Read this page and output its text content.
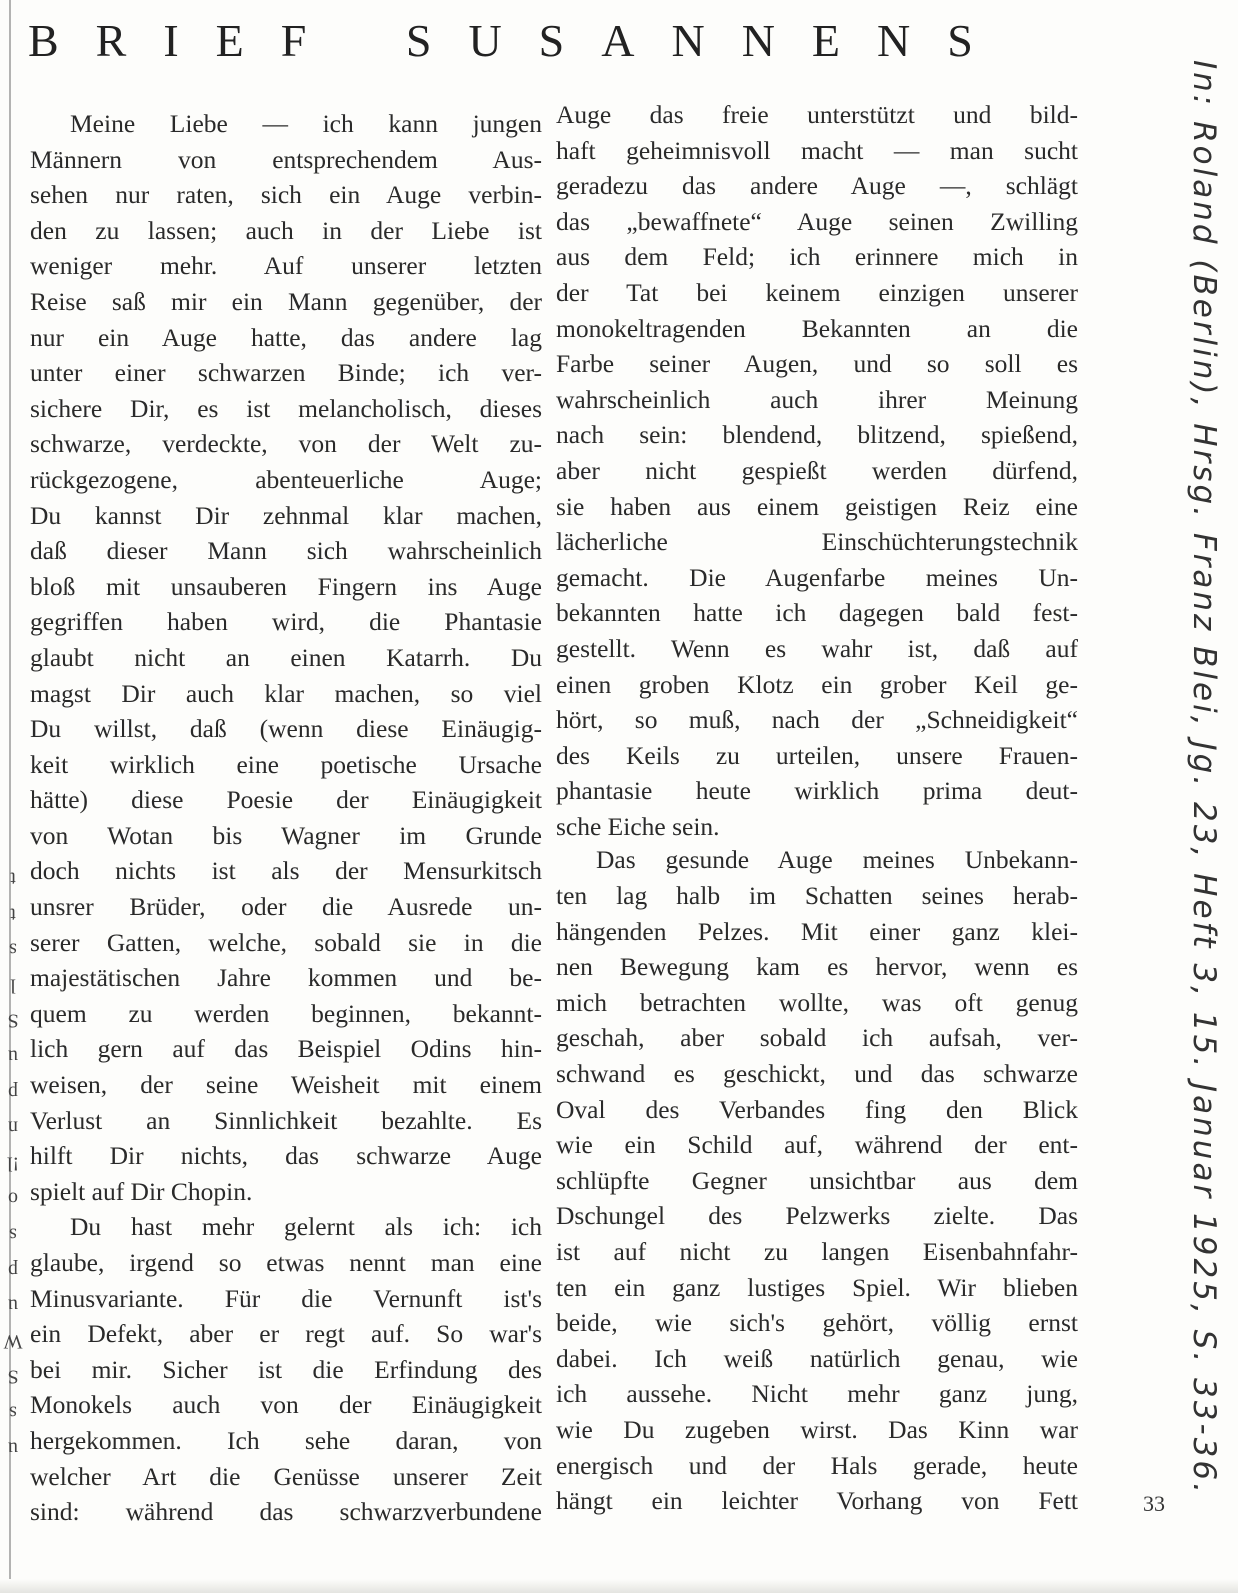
BRIEF SUSANNENS
Meine Liebe — ich kann jungen
Männern von entsprechendem Aus-
sehen nur raten, sich ein Auge verbin-
den zu lassen; auch in der Liebe ist
weniger mehr. Auf unserer letzten
Reise saß mir ein Mann gegenüber, der
nur ein Auge hatte, das andere lag
unter einer schwarzen Binde; ich ver-
sichere Dir, es ist melancholisch, dieses
schwarze, verdeckte, von der Welt zu-
rückgezogene, abenteuerliche Auge;
Du kannst Dir zehnmal klar machen,
daß dieser Mann sich wahrscheinlich
bloß mit unsauberen Fingern ins Auge
gegriffen haben wird, die Phantasie
glaubt nicht an einen Katarrh. Du
magst Dir auch klar machen, so viel
Du willst, daß (wenn diese Einäugig-
keit wirklich eine poetische Ursache
hätte) diese Poesie der Einäugigkeit
von Wotan bis Wagner im Grunde
doch nichts ist als der Mensurkitsch
unsrer Brüder, oder die Ausrede un-
serer Gatten, welche, sobald sie in die
majestätischen Jahre kommen und be-
quem zu werden beginnen, bekannt-
lich gern auf das Beispiel Odins hin-
weisen, der seine Weisheit mit einem
Verlust an Sinnlichkeit bezahlte. Es
hilft Dir nichts, das schwarze Auge
spielt auf Dir Chopin.
Du hast mehr gelernt als ich: ich
glaube, irgend so etwas nennt man eine
Minusvariante. Für die Vernunft ist's
ein Defekt, aber er regt auf. So war's
bei mir. Sicher ist die Erfindung des
Monokels auch von der Einäugigkeit
hergekommen. Ich sehe daran, von
welcher Art die Genüsse unserer Zeit
sind: während das schwarzverbundene
Auge das freie unterstützt und bild-
haft geheimnisvoll macht — man sucht
geradezu das andere Auge —, schlägt
das „bewaffnete“ Auge seinen Zwilling
aus dem Feld; ich erinnere mich in
der Tat bei keinem einzigen unserer
monokeltragenden Bekannten an die
Farbe seiner Augen, und so soll es
wahrscheinlich auch ihrer Meinung
nach sein: blendend, blitzend, spießend,
aber nicht gespießt werden dürfend,
sie haben aus einem geistigen Reiz eine
lächerliche Einschüchterungstechnik
gemacht. Die Augenfarbe meines Un-
bekannten hatte ich dagegen bald fest-
gestellt. Wenn es wahr ist, daß auf
einen groben Klotz ein grober Keil ge-
hört, so muß, nach der „Schneidigkeit“
des Keils zu urteilen, unsere Frauen-
phantasie heute wirklich prima deut-
sche Eiche sein.
Das gesunde Auge meines Unbekann-
ten lag halb im Schatten seines herab-
hängenden Pelzes. Mit einer ganz klei-
nen Bewegung kam es hervor, wenn es
mich betrachten wollte, was oft genug
geschah, aber sobald ich aufsah, ver-
schwand es geschickt, und das schwarze
Oval des Verbandes fing den Blick
wie ein Schild auf, während der ent-
schlüpfte Gegner unsichtbar aus dem
Dschungel des Pelzwerks zielte. Das
ist auf nicht zu langen Eisenbahnfahr-
ten ein ganz lustiges Spiel. Wir blieben
beide, wie sich's gehört, völlig ernst
dabei. Ich weiß natürlich genau, wie
ich aussehe. Nicht mehr ganz jung,
wie Du zugeben wirst. Das Kinn war
energisch und der Hals gerade, heute
hängt ein leichter Vorhang von Fett
t
t
s
l
S
u
p
n
!l
o
s
p
u
W
S
s
u	In: Roland (Berlin), Hrsg. Franz Blei, Jg. 23, Heft 3, 15. Januar 1925, S. 33-36.
33
